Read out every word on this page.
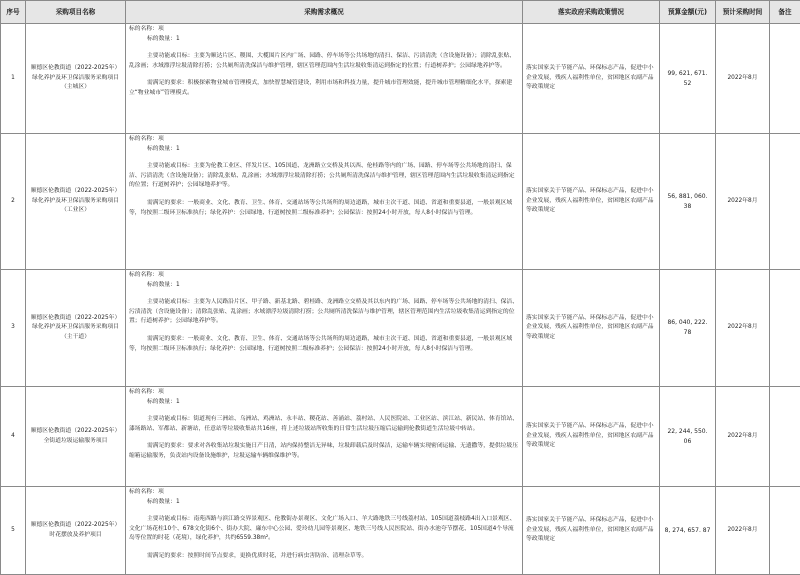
序号	采购项目名称	采购需求概况	落实政府采购政策情况	预算金额(元)	预计采购时间	备注
1	顺德区伦教街道（2022-2025年）绿化养护及环卫保洁服务采购项目（主城区）	标的名称：项

标的数量：1

主要功能或目标：主要为顺达片区、稷围、大榄围片区内广场、园路、停车场等公共场地的清扫、保洁、污渍清洗（含设施设备）；清除乱张贴、乱涂画；水域漂浮垃圾清除打捞；公共厕所清洗保洁与维护管理，辖区管理范围内生活垃圾收集清运到指定的位置；行道树养护；公园绿地养护等。

需满足的要求：积极探索物业城市管理模式，加快智慧城管建设，利用市场和科技力量，提升城市管理效能，提升城市管理精细化水平，探索建立“物业城市”管理模式。	落实国家关于节能产品、环保标志产品，促进中小企业发展，残疾人福利性单位，贫困地区农副产品等政策规定	99, 621, 671. 52	2022年8月	
2	顺德区伦教街道（2022-2025年）绿化养护及环卫保洁服务采购项目（工业区）	标的名称：项

标的数量：1

主要功能或目标：主要为伦教工业区、伴发片区、105国道、龙洲路立交桥及其以西、伦桂路等内的广场、园路、停车场等公共场地的清扫、保洁、污渍清洗（含设施设备）；清除乱张贴、乱涂画；水域漂浮垃圾清除打捞；公共厕所清洗保洁与维护管理，辖区管理范围内生活垃圾收集清运到指定的位置；行道树养护；公园绿地养护等。

需满足的要求：一般商业、文化、教育、卫生、体育、交通站场等公共场所的周边道路，城市主次干道、国道、省道和重要县道，一般景观区域等，均按照二级环卫标准执行；绿化养护：公园绿地、行道树按照二级标准养护；公园保洁：按照24小时开放，每人8小时保洁与管理。	落实国家关于节能产品、环保标志产品，促进中小企业发展，残疾人福利性单位，贫困地区农副产品等政策规定	56, 881, 060. 38	2022年8月	
3	顺德区伦教街道（2022-2025年）绿化养护及环卫保洁服务采购项目（主干道）	标的名称：项

标的数量：1

主要功能或目标：主要为人民路沿片区、甲子路、新基北路、碧桂路、龙洲路立交桥及其以东内的广场、园路、停车场等公共场地的清扫、保洁、污渍清洗（含设施设备）；清除乱张贴、乱涂画；水域漂浮垃圾清除打捞；公共厕所清洗保洁与维护管理，辖区管理范围内生活垃圾收集清运到指定的位置；行道树养护；公园绿地养护等。

需满足的要求：一般商业、文化、教育、卫生、体育、交通站场等公共场所的周边道路，城市主次干道、国道、省道和重要县道，一般景观区域等，均按照二级环卫标准执行；绿化养护：公园绿地、行道树按照二级标准养护；公园保洁：按照24小时开放，每人8小时保洁与管理。	落实国家关于节能产品、环保标志产品，促进中小企业发展，残疾人福利性单位，贫困地区农副产品等政策规定	86, 040, 222. 78	2022年8月	
4	顺德区伦教街道（2022-2025年）全街道垃圾运输服务项目	标的名称：项

标的数量：1

主要功能或目标：街道现有三洲站、乌洲站、鸡洲站、永丰站、稷花站、善涌站、荔村站、人民医院站、工业区站、滨江站、新民站、体育馆站、漆场路站、军都站、新塘站，任意站等垃圾收集站共16座，将上述垃圾站所收集的日常生活垃圾压缩后运输到伦教街道生活垃圾中转站。

需满足的要求：要求对各收集站垃圾实施日产日清，站内保持整洁无异味，垃圾卸载后及时保洁，运输车辆实现密闭运输、无遗撒等，提供垃圾压缩箱运输服务，负责站内设备设施维护，垃圾运输车辆维保维护等。	落实国家关于节能产品、环保标志产品，促进中小企业发展，残疾人福利性单位，贫困地区农副产品等政策规定	22, 244, 550. 06	2022年8月	
5	顺德区伦教街道（2022-2025年）时花摆放及养护项目	标的名称：项

标的数量：1

主要功能或目标：南苑西路与滨江路交界景观区、伦教街办景观区、文化广场入口、羊大路地铁三号线荔村站、105国道荔枝路4出入口景观区、文化广场花柱10个、678文化街6个、街办大院、廉东中心公园、爱玲幼儿园等景观区、地铁三号线人民医院站、街办水池夸节摆花、105国道4个导流岛等位置的时花（花境），绿化养护，共约6559.38m²。

需满足的要求：按照时间节点要求，更换优质时花，并进行病虫害防治、清理杂草等。	落实国家关于节能产品、环保标志产品，促进中小企业发展，残疾人福利性单位，贫困地区农副产品等政策规定	8, 274, 657. 87	2022年8月	
